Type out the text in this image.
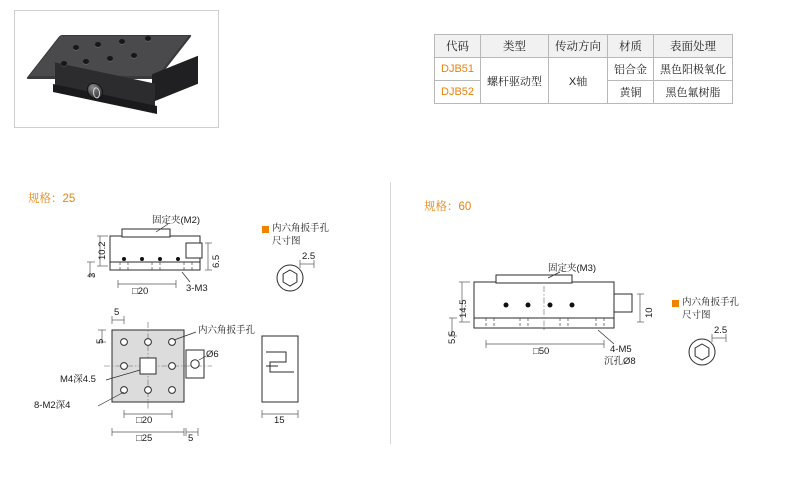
代码	类型	传动方向	材质	表面处理
DJB51	螺杆驱动型	X轴	铝合金	黑色阳极氧化
DJB52			黄铜	黑色氟树脂
规格：25
规格：60
固定夹(M2)
10.2
3
6.5
□20	3-M3
内六角扳手孔
尺寸图
2.5
5
5
内六角扳手孔
Ø6
M4深4.5
8-M2深4
□20
□25	5
15
固定夹(M3)
14.5
5.5
10
□50	4-M5
沉孔Ø8
内六角扳手孔
尺寸图
2.5
